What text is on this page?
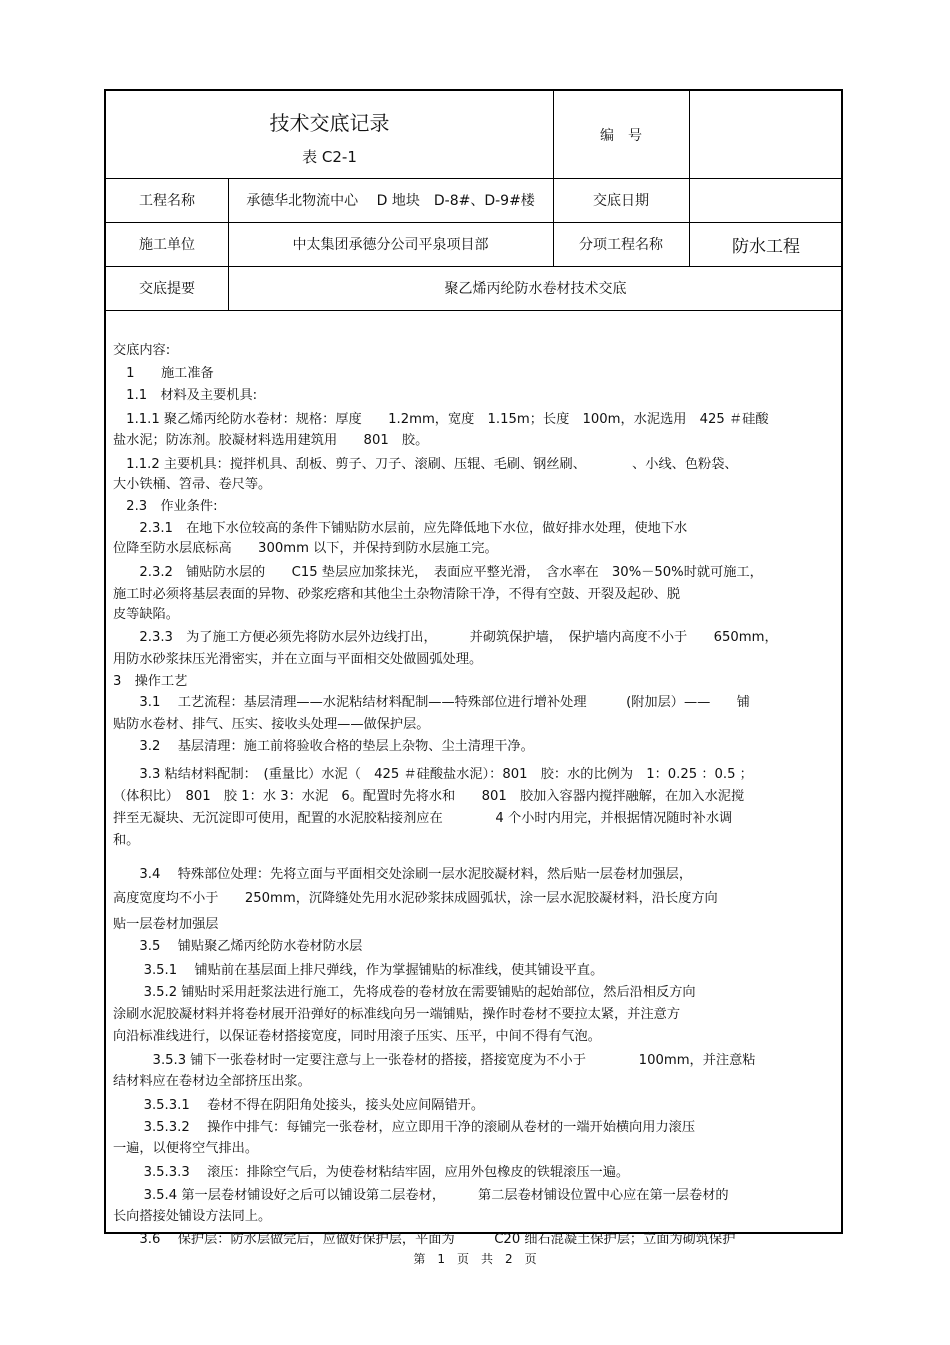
技术交底记录
表 C2-1
编　号
工程名称	承德华北物流中心　 D 地块　D-8#、D-9#楼	交底日期
施工单位	中太集团承德分公司平泉项目部	分项工程名称	防水工程
交底提要	聚乙烯丙纶防水卷材技术交底
交底内容:
　1　　施工准备
　1.1　材料及主要机具:
　1.1.1 聚乙烯丙纶防水卷材：规格：厚度　　1.2mm，宽度　1.15m；长度　100m，水泥选用　425 ＃硅酸
盐水泥；防冻剂。胶凝材料选用建筑用　　801　胶。
　1.1.2 主要机具：搅拌机具、刮板、剪子、刀子、滚刷、压辊、毛刷、钢丝刷、　　　　、小线、色粉袋、
大小铁桶、笤帚、卷尺等。
　2.3　作业条件:
　　2.3.1　在地下水位较高的条件下铺贴防水层前，应先降低地下水位，做好排水处理，使地下水
位降至防水层底标高　　300mm 以下，并保持到防水层施工完。
　　2.3.2　铺贴防水层的　　C15 垫层应加浆抹光，　表面应平整光滑，　含水率在　30%－50%时就可施工，
施工时必须将基层表面的异物、砂浆疙瘩和其他尘土杂物清除干净，不得有空鼓、开裂及起砂、脱
皮等缺陷。
　　2.3.3　为了施工方便必须先将防水层外边线打出，　　　并砌筑保护墙，　保护墙内高度不小于　　650mm，
用防水砂浆抹压光滑密实，并在立面与平面相交处做圆弧处理。
3　操作工艺
　　3.1　 工艺流程：基层清理——水泥粘结材料配制——特殊部位进行增补处理　　　(附加层）——　　铺
贴防水卷材、排气、压实、接收头处理——做保护层。
　　3.2　 基层清理：施工前将验收合格的垫层上杂物、尘土清理干净。
　　3.3 粘结材料配制：　(重量比）水泥（　425 ＃硅酸盐水泥）：801　胶：水的比例为　1：0.25 ：0.5 ；
（体积比）　801　胶 1：水 3：水泥　6。配置时先将水和　　801　胶加入容器内搅拌融解，在加入水泥搅
拌至无凝块、无沉淀即可使用，配置的水泥胶粘接剂应在　　　　4 个小时内用完，并根据情况随时补水调
和。
　　3.4　 特殊部位处理：先将立面与平面相交处涂刷一层水泥胶凝材料，然后贴一层卷材加强层，
高度宽度均不小于　　250mm，沉降缝处先用水泥砂浆抹成圆弧状，涂一层水泥胶凝材料，沿长度方向
贴一层卷材加强层
　　3.5　 铺贴聚乙烯丙纶防水卷材防水层
　　 3.5.1　 铺贴前在基层面上排尺弹线，作为掌握铺贴的标准线，使其铺设平直。
　　 3.5.2 铺贴时采用赶浆法进行施工，先将成卷的卷材放在需要铺贴的起始部位，然后沿相反方向
涂刷水泥胶凝材料并将卷材展开沿弹好的标准线向另一端铺贴，操作时卷材不要拉太紧，并注意方
向沿标准线进行，以保证卷材搭接宽度，同时用滚子压实、压平，中间不得有气泡。
　　　3.5.3 铺下一张卷材时一定要注意与上一张卷材的搭接，搭接宽度为不小于　　　　100mm，并注意粘
结材料应在卷材边全部挤压出浆。
　　 3.5.3.1　 卷材不得在阴阳角处接头，接头处应间隔错开。
　　 3.5.3.2　 操作中排气：每铺完一张卷材，应立即用干净的滚刷从卷材的一端开始横向用力滚压
一遍，以便将空气排出。
　　 3.5.3.3　 滚压：排除空气后，为使卷材粘结牢固，应用外包橡皮的铁辊滚压一遍。
　　 3.5.4 第一层卷材铺设好之后可以铺设第二层卷材，　　　第二层卷材铺设位置中心应在第一层卷材的
长向搭接处铺设方法同上。
　　3.6　 保护层：防水层做完后，应做好保护层，平面为　　　C20 细石混凝土保护层；立面为砌筑保护
第　1　页　共　2　页
